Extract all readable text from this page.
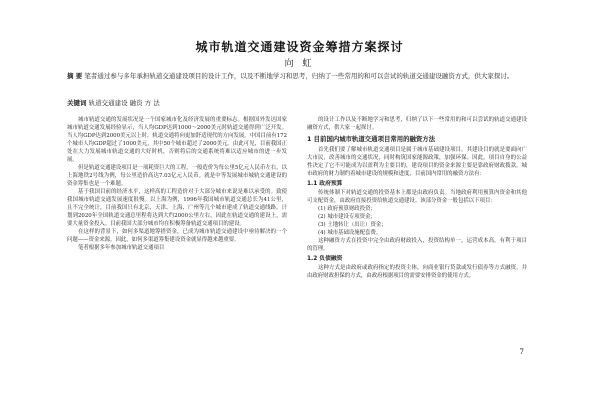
城市轨道交通建设资金筹措方案探讨
向 虹
摘 要 笔者通过参与多年承担轨道交通建设项目的设计工作，以及不断地学习和思考，归纳了一些常用的和可以尝试的轨道交通建设融资方式，供大家探讨。
关键词 轨道交通建设 融资 方 法

城市轨道交通的发展状况是一个国家城市化及经济发展的重要标志。根据国外发达国家城市轨道交通发展经验显示，当人均GDP达到1000～2000美元时轨道交通得到广泛开发。当人均GDP达到2000美元以上时，轨道交通将向更加舒适现代的方向发展。中国目前有172个城市人均GDP超过了1000美元，其中50个城市超过了2000美元。由此可见，目前我国正处在大力发展城市轨道交通的大好时机，否则将后的交通系统将难以适应城市的进一步发展。

但是轨道交通建设项目是一项耗资巨大的工程，一般造价为每公里5亿元人民币左右，以上海地铁2号线为例，每公里造价高达7.03亿元人民币。就是中等发展城市城轨交通建设的资金筹集也是一个难题。

基于我国目前的经济水平，这样高的工程造价对于大部分城市来说是难以承受的。致使我国城市轨道交通发展速度很慢。以上海为例，1996年我国城市轨道交通总长为41公里，且不完全统计，目前我国只有北京、天津、上海、广州等几个城市建成了轨道交通线路，计划到2020年全国轨道交通总里程将达到大约2000公里左右，因此在轨道交通的建设上，需要大量资金投入。目前我国大部分城市均在积极筹备轨道交通项目的建设。

在这样的背景下，如何多渠道地筹措资金，已成为城市轨道交通建设中亟待解决的一个问题——资金来源。因此，如何多渠道筹集建设资金就显得越来越重要。

笔者根据多年参加城市轨道交通项目

的设计工作以及不断地学习和思考，归纳了以下一些常用的和可以尝试的轨道交通建设融资方式，供大家一起探讨。

1 目前国内城市轨道交通项目常用的融资方法

首先我们要了解城市轨道交通项目是属于城市基础建设项目。其建设目的就是要面向广大市民，改善城市的交通状况，同时构筑国家能源政策，加强环保。因此，项目自身的公益性决定了它不可能成为以盈利为主要目的，建设项目的资金来源主要是靠政府财政拨款。城市政府的财力制约着城市建设的规模和进度，目前国内常用的融资方法有：

1.1 政府预算

传统体制下对轨道交通的投资基本上都是由政府负责。当地政府利用预算内资金和其他可支配资金，由政府直接投资给轨道交通建设。该部分资金一般包括以下项目：

(1) 政府预算财政投资；
(2) 城市建设专项资金；
(3) 土地转让（出让）资金；
(4) 城市基础设施配套费。

这种融资方式在投资中完全由政府财政投入，投资结构单一，运营成本高，有利于项目的管理。

1.2 负债融资

这种方式是由政府或政府指定的投资主体，向商业银行贷款或发行债券等方式融资，并由政府财政担保的方式，由政府根据项目的需要安排资金的使用方式。

7
